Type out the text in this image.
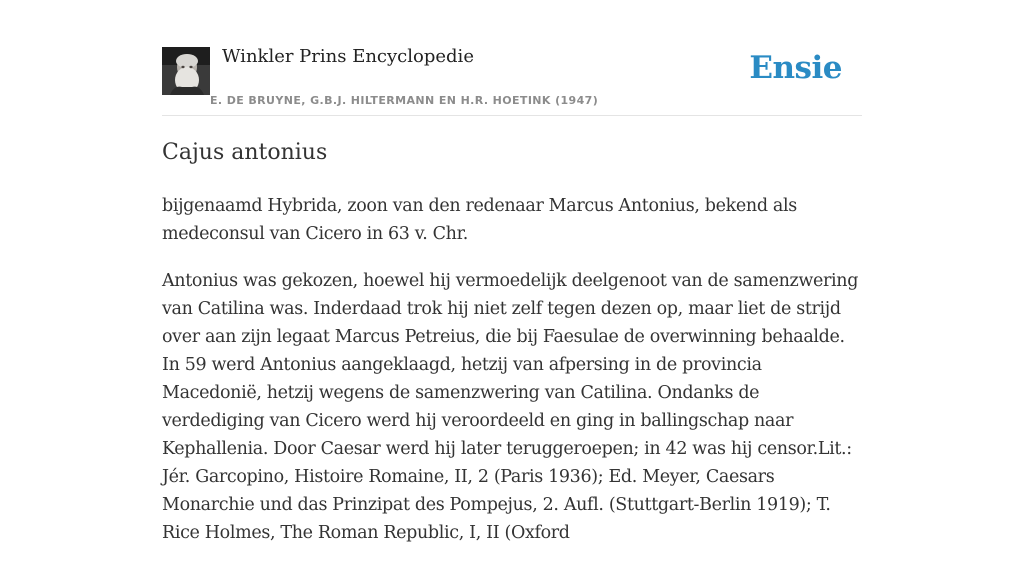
Winkler Prins Encyclopedie
E. DE BRUYNE, G.B.J. HILTERMANN EN H.R. HOETINK (1947)
Ensie
Cajus antonius

bijgenaamd Hybrida, zoon van den redenaar Marcus Antonius, bekend als medeconsul van Cicero in 63 v. Chr.

Antonius was gekozen, hoewel hij vermoedelijk deelgenoot van de samenzwering van Catilina was. Inderdaad trok hij niet zelf tegen dezen op, maar liet de strijd over aan zijn legaat Marcus Petreius, die bij Faesulae de overwinning behaalde. In 59 werd Antonius aangeklaagd, hetzij van afpersing in de provincia Macedonië, hetzij wegens de samenzwering van Catilina. Ondanks de verdediging van Cicero werd hij veroordeeld en ging in ballingschap naar Kephallenia. Door Caesar werd hij later teruggeroepen; in 42 was hij censor.Lit.: Jér. Garcopino, Histoire Romaine, II, 2 (Paris 1936); Ed. Meyer, Caesars Monarchie und das Prinzipat des Pompejus, 2. Aufl. (Stuttgart-Berlin 1919); T. Rice Holmes, The Roman Republic, I, II (Oxford
